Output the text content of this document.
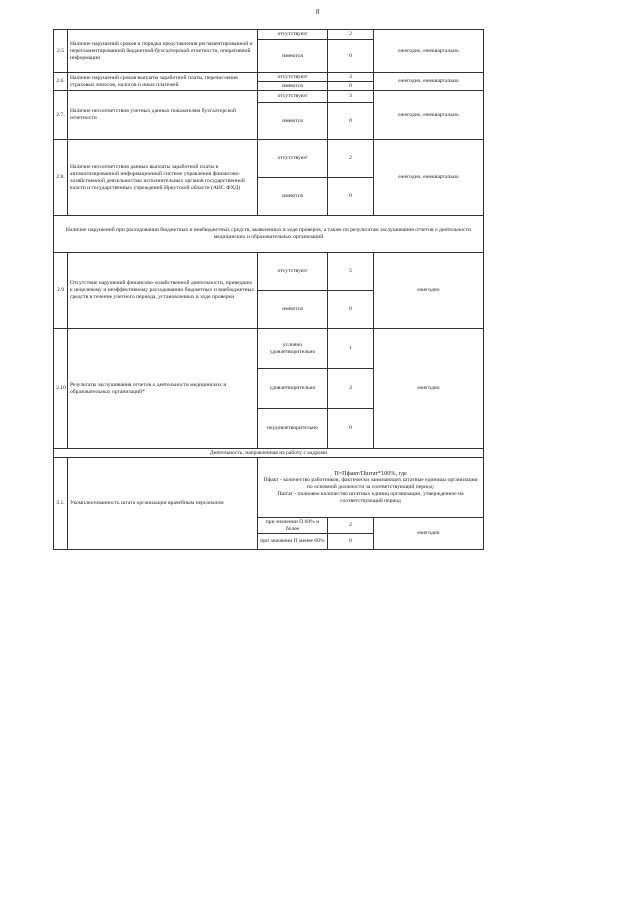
8
2.5	Наличие нарушений сроков и порядка представления регламентированной и нерегламентированной бюджетной/бухгалтерской отчетности, оперативной информации	отсутствуют	2	ежегодно, ежеквартально
		имеются	0	
2.6.	Наличие нарушений сроков выплаты заработной платы, перечисления страховых взносов, налогов и иных платежей	отсутствуют	3	ежегодно, ежеквартально
		имеются	0	
2.7.	Наличие несоответствия учетных данных показателям бухгалтерской отчетности	отсутствуют	3	ежегодно, ежеквартально
		имеются	0	
2.8.	Наличие несоответствия данных выплаты заработной платы в автоматизированной информационной системе управления финансово-хозяйственной деятельностью исполнительных органов государственной власти и государственных учреждений Иркутской области (АИС ФХД)	отсутствуют	2	ежегодно, ежеквартально
		имеются	0	
Наличие нарушений при расходовании бюджетных и внебюджетных средств, выявленных в ходе проверок, а также по результатам заслушивания отчетов о деятельности медицинских и образовательных организаций				
2.9	Отсутствие нарушений финансово-хозяйственной деятельности, приведших к нецелевому и неэффективному расходованию бюджетных и внебюджетных средств в течение учетного периода, установленных в ходе проверки	отсутствуют	5	ежегодно
		имеются	0	
2.10	Результаты заслушивания отчетов о деятельности медицинских и образовательных организаций*	условно удовлетворительно	1	ежегодно
		удовлетворительно	3	
		неудовлетворительно	0	
Деятельность, направленная на работу с кадрами				
3.1.	Укомплектованность штата организации врачебным персоналом	П=Пфакт/Пштат*100%, где
Пфакт - количество работников, фактически занимающих штатные единицы организации по основной должности за соответствующий период;
Пштат - плановое количество штатных единиц организации, утвержденное на соответствующий период		

		при значении П 60% и более	2	ежегодно
		при значении П менее 60%	0	
